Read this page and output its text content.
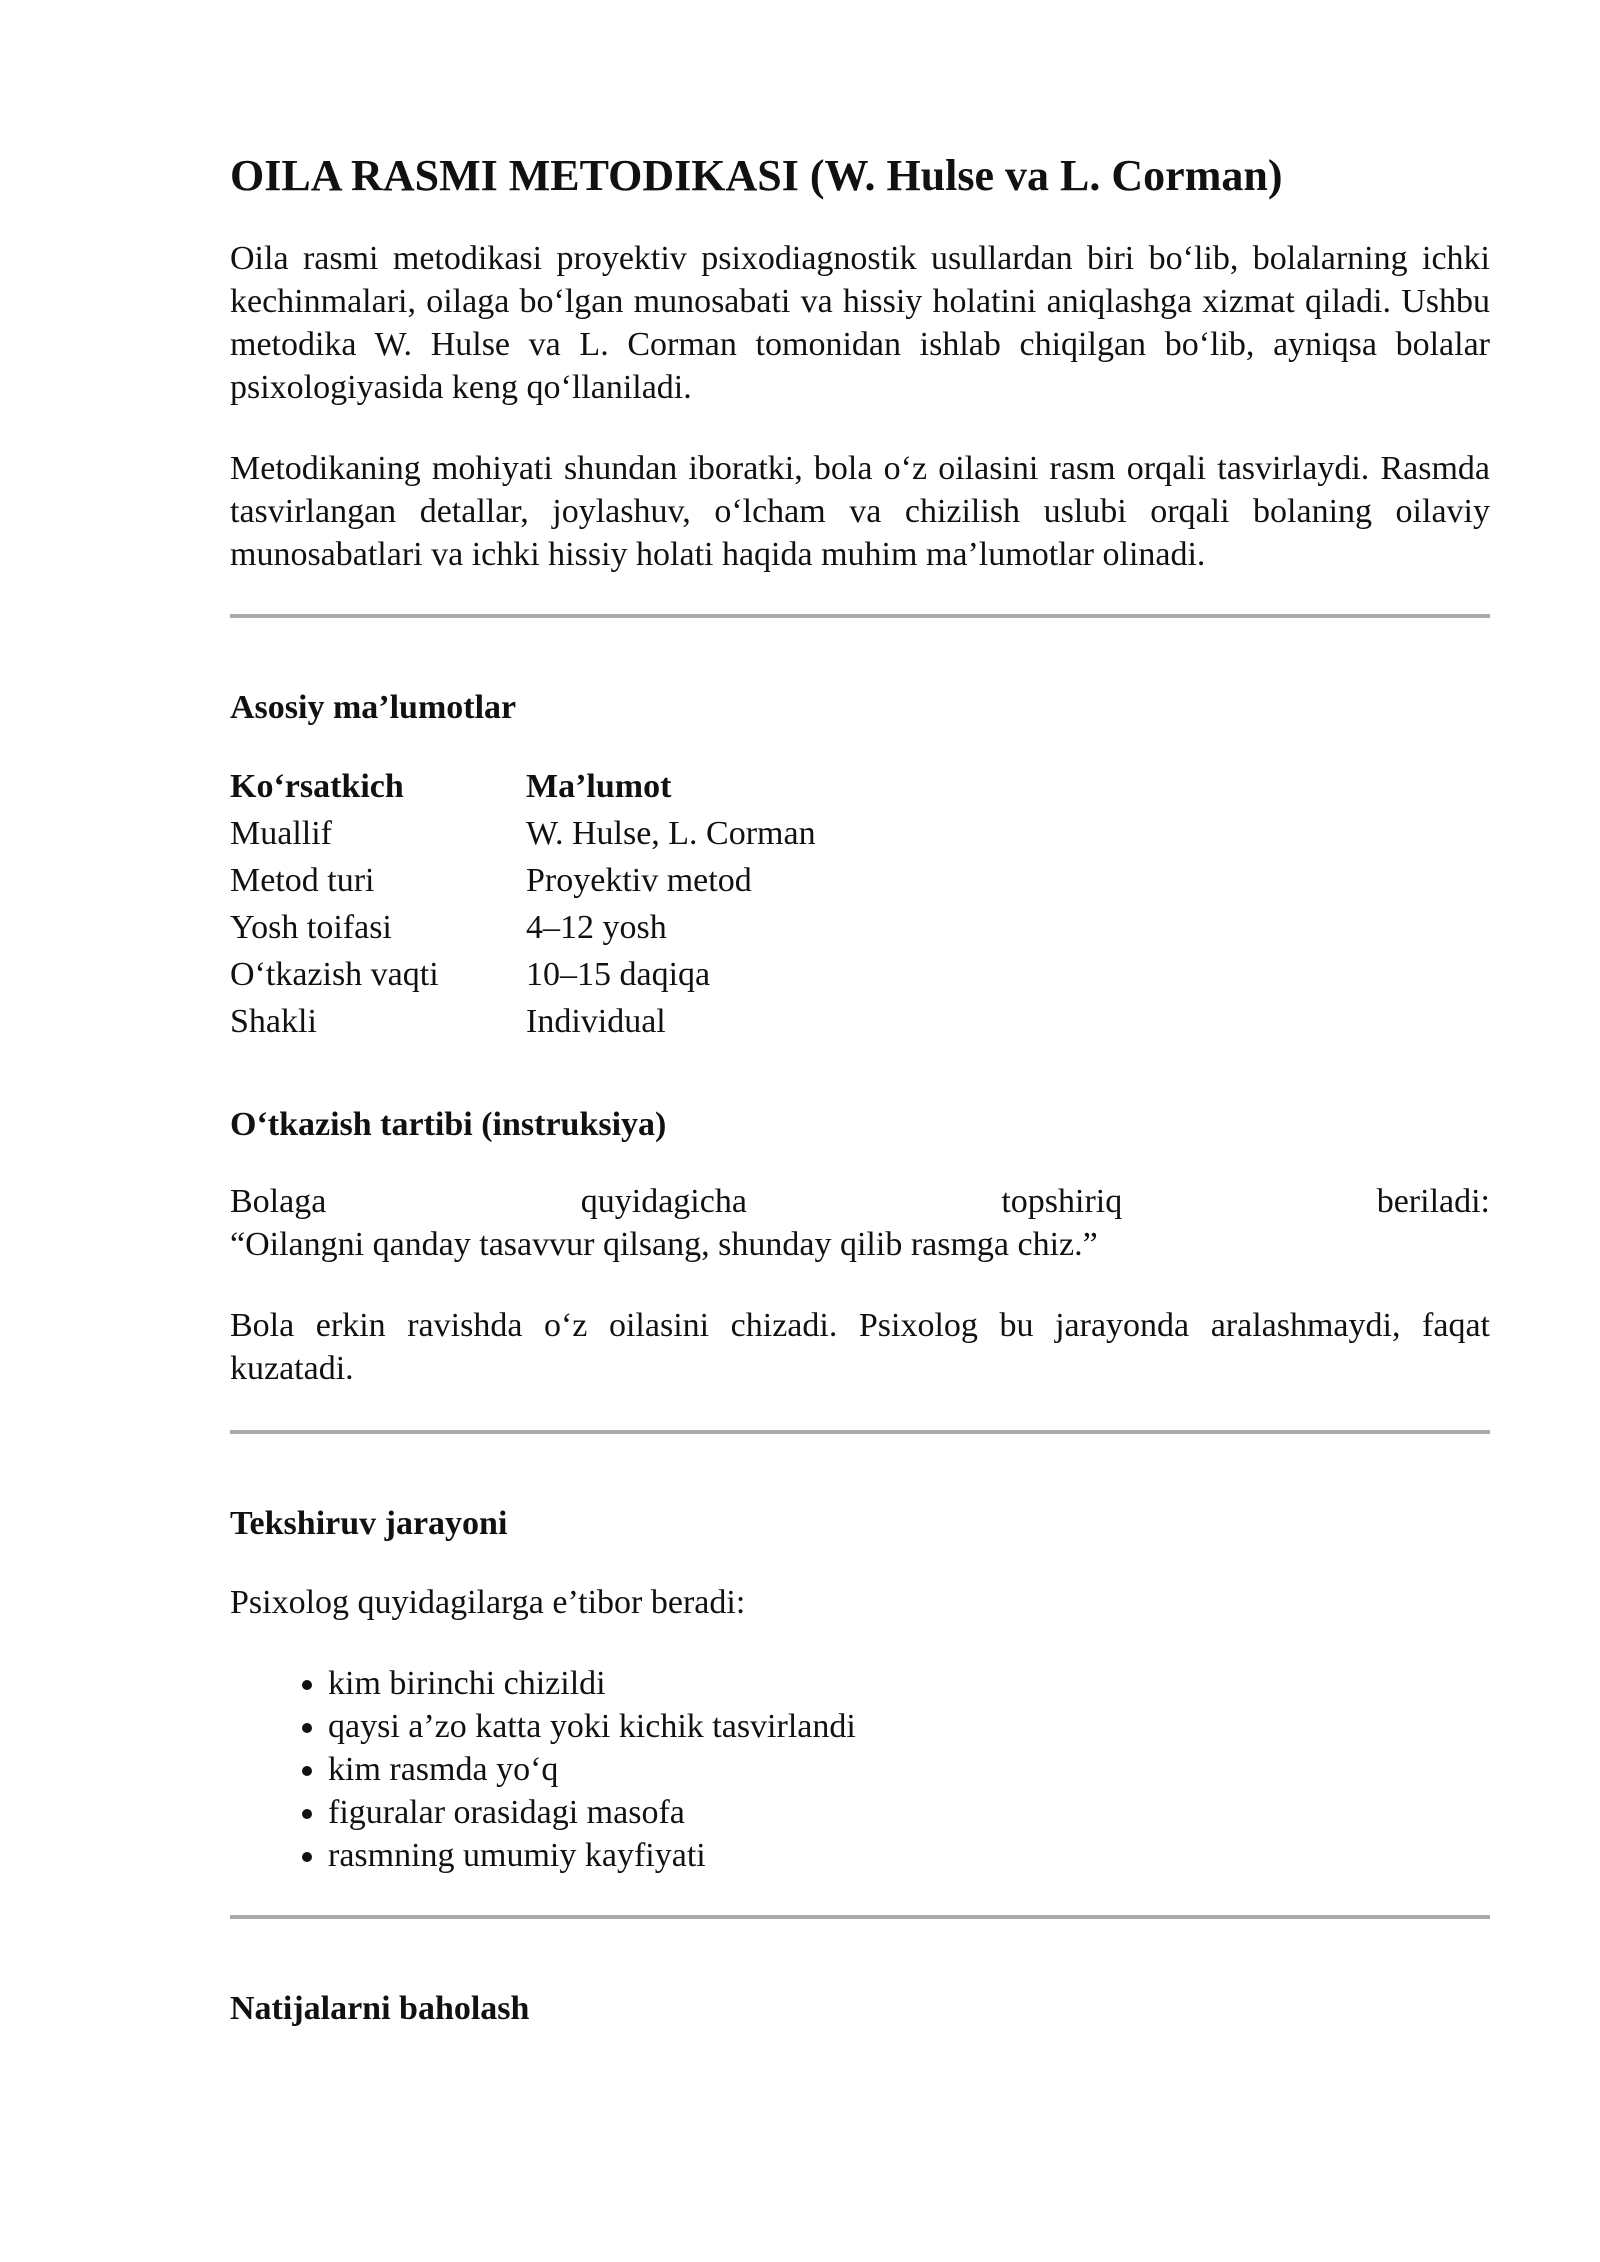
OILA RASMI METODIKASI (W. Hulse va L. Corman)

Oila rasmi metodikasi proyektiv psixodiagnostik usullardan biri bo‘lib, bolalarning ichki kechinmalari, oilaga bo‘lgan munosabati va hissiy holatini aniqlashga xizmat qiladi. Ushbu metodika W. Hulse va L. Corman tomonidan ishlab chiqilgan bo‘lib, ayniqsa bolalar psixologiyasida keng qo‘llaniladi.

Metodikaning mohiyati shundan iboratki, bola o‘z oilasini rasm orqali tasvirlaydi. Rasmda tasvirlangan detallar, joylashuv, o‘lcham va chizilish uslubi orqali bolaning oilaviy munosabatlari va ichki hissiy holati haqida muhim ma’lumotlar olinadi.

Asosiy ma’lumotlar
Ko‘rsatkich	Ma’lumot
Muallif	W. Hulse, L. Corman
Metod turi	Proyektiv metod
Yosh toifasi	4–12 yosh
O‘tkazish vaqti	10–15 daqiqa
Shakli	Individual
O‘tkazish tartibi (instruksiya)
Bolaga	quyidagicha	topshiriq	beriladi:

“Oilangni qanday tasavvur qilsang, shunday qilib rasmga chiz.”

Bola erkin ravishda o‘z oilasini chizadi. Psixolog bu jarayonda aralashmaydi, faqat kuzatadi.

Tekshiruv jarayoni

Psixolog quyidagilarga e’tibor beradi:

• kim birinchi chizildi
• qaysi a’zo katta yoki kichik tasvirlandi
• kim rasmda yo‘q
• figuralar orasidagi masofa
• rasmning umumiy kayfiyati
Natijalarni baholash
